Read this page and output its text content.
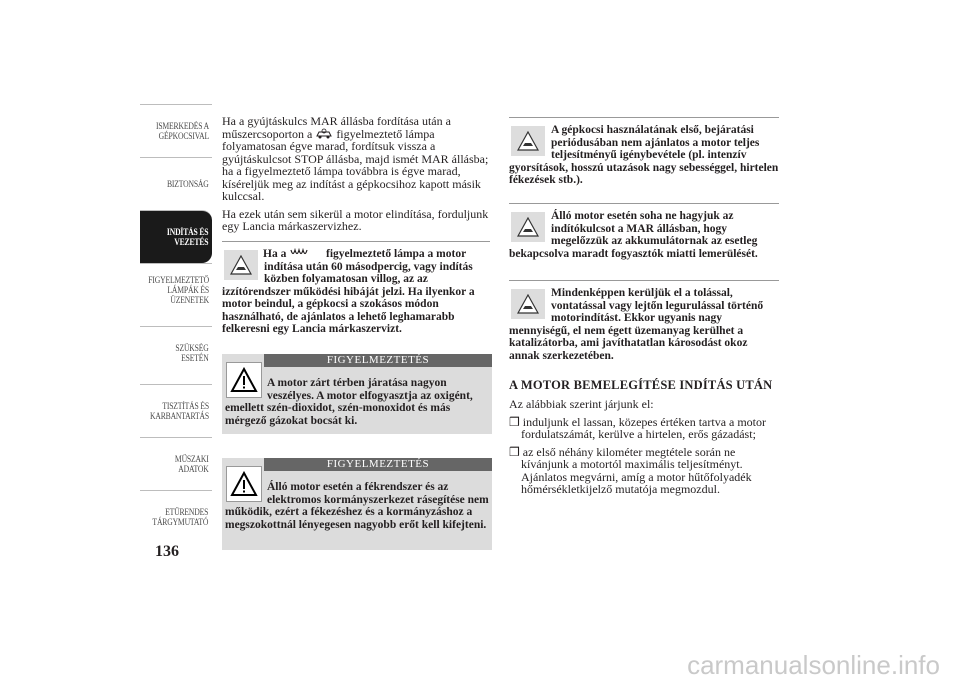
ISMERKEDÉS A
GÉPKOCSIVAL
BIZTONSÁG
INDÍTÁS ÉS
VEZETÉS
FIGYELMEZTETŐ
LÁMPÁK ÉS
ÜZENETEK
SZÜKSÉG ESETÉN
TISZTÍTÁS ÉS
KARBANTARTÁS
MŰSZAKI ADATOK
ETŰRENDES
TÁRGYMUTATÓ
136

Ha a gyújtáskulcs MAR állásba fordítása után a műszercsoporton a figyelmeztető lámpa folyamatosan égve marad, fordítsuk vissza a gyújtáskulcsot STOP állásba, majd ismét MAR állásba; ha a figyelmeztető lámpa továbbra is égve marad, kíséreljük meg az indítást a gépkocsihoz kapott másik kulccsal.

Ha ezek után sem sikerül a motor elindítása, forduljunk egy Lancia márkaszervizhez.

Ha a	figyelmeztető lámpa a motor indítása után 60 másodpercig, vagy indítás közben folyamatosan villog, az az izzítórendszer működési hibáját jelzi. Ha ilyenkor a motor beindul, a gépkocsi a szokásos módon használható, de ajánlatos a lehető leghamarabb felkeresni egy Lancia márkaszervizt.
FIGYELMEZTETÉS
A motor zárt térben járatása nagyon veszélyes. A motor elfogyasztja az oxigént, emellett szén-dioxidot, szén-monoxidot és más mérgező gázokat bocsát ki.
FIGYELMEZTETÉS
Álló motor esetén a fékrendszer és az elektromos kormányszerkezet rásegítése nem működik, ezért a fékezéshez és a kormányzáshoz a megszokottnál lényegesen nagyobb erőt kell kifejteni.
A gépkocsi használatának első, bejáratási periódusában nem ajánlatos a motor teljes teljesítményű igénybevétele (pl. intenzív gyorsítások, hosszú utazások nagy sebességgel, hirtelen fékezések stb.).
Álló motor esetén soha ne hagyjuk az indítókulcsot a MAR állásban, hogy megelőzzük az akkumulátornak az esetleg bekapcsolva maradt fogyasztók miatti lemerülését.
Mindenképpen kerüljük el a tolással, vontatással vagy lejtőn legurulással történő motorindítást. Ekkor ugyanis nagy mennyiségű, el nem égett üzemanyag kerülhet a katalizátorba, ami javíthatatlan károsodást okoz annak szerkezetében.
A MOTOR BEMELEGÍTÉSE INDÍTÁS UTÁN

Az alábbiak szerint járjunk el:

❒ induljunk el lassan, közepes értéken tartva a motor fordulatszámát, kerülve a hirtelen, erős gázadást;

❒ az első néhány kilométer megtétele során ne kívánjunk a motortól maximális teljesítményt. Ajánlatos megvárni, amíg a motor hűtőfolyadék hőmérsékletkijelző mutatója megmozdul.

carmanualsonline.info
